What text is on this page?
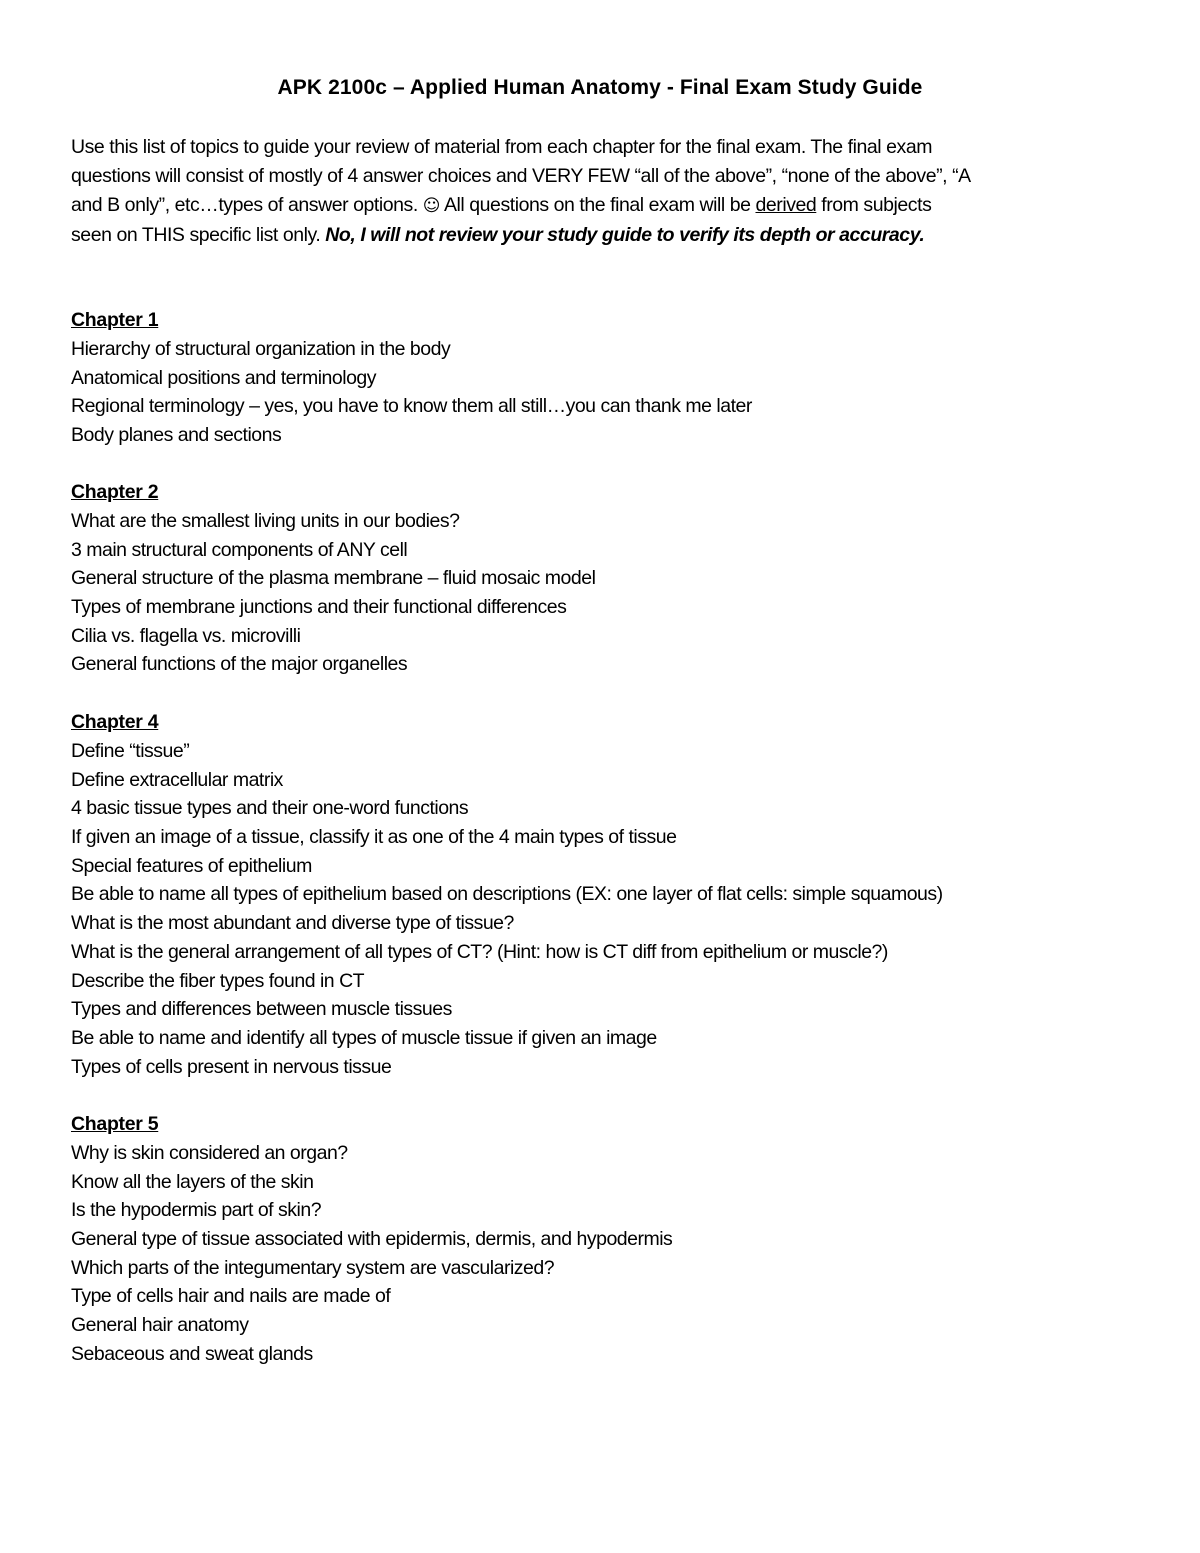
APK 2100c – Applied Human Anatomy - Final Exam Study Guide

Use this list of topics to guide your review of material from each chapter for the final exam. The final exam
questions will consist of mostly of 4 answer choices and VERY FEW “all of the above”, “none of the above”, “A
and B only”, etc…types of answer options. ☺ All questions on the final exam will be derived from subjects
seen on THIS specific list only. No, I will not review your study guide to verify its depth or accuracy.

Chapter 1
Hierarchy of structural organization in the body
Anatomical positions and terminology
Regional terminology – yes, you have to know them all still…you can thank me later
Body planes and sections
Chapter 2
What are the smallest living units in our bodies?
3 main structural components of ANY cell
General structure of the plasma membrane – fluid mosaic model
Types of membrane junctions and their functional differences
Cilia vs. flagella vs. microvilli
General functions of the major organelles
Chapter 4
Define “tissue”
Define extracellular matrix
4 basic tissue types and their one-word functions
If given an image of a tissue, classify it as one of the 4 main types of tissue
Special features of epithelium
Be able to name all types of epithelium based on descriptions (EX: one layer of flat cells: simple squamous)
What is the most abundant and diverse type of tissue?
What is the general arrangement of all types of CT? (Hint: how is CT diff from epithelium or muscle?)
Describe the fiber types found in CT
Types and differences between muscle tissues
Be able to name and identify all types of muscle tissue if given an image
Types of cells present in nervous tissue
Chapter 5
Why is skin considered an organ?
Know all the layers of the skin
Is the hypodermis part of skin?
General type of tissue associated with epidermis, dermis, and hypodermis
Which parts of the integumentary system are vascularized?
Type of cells hair and nails are made of
General hair anatomy
Sebaceous and sweat glands
